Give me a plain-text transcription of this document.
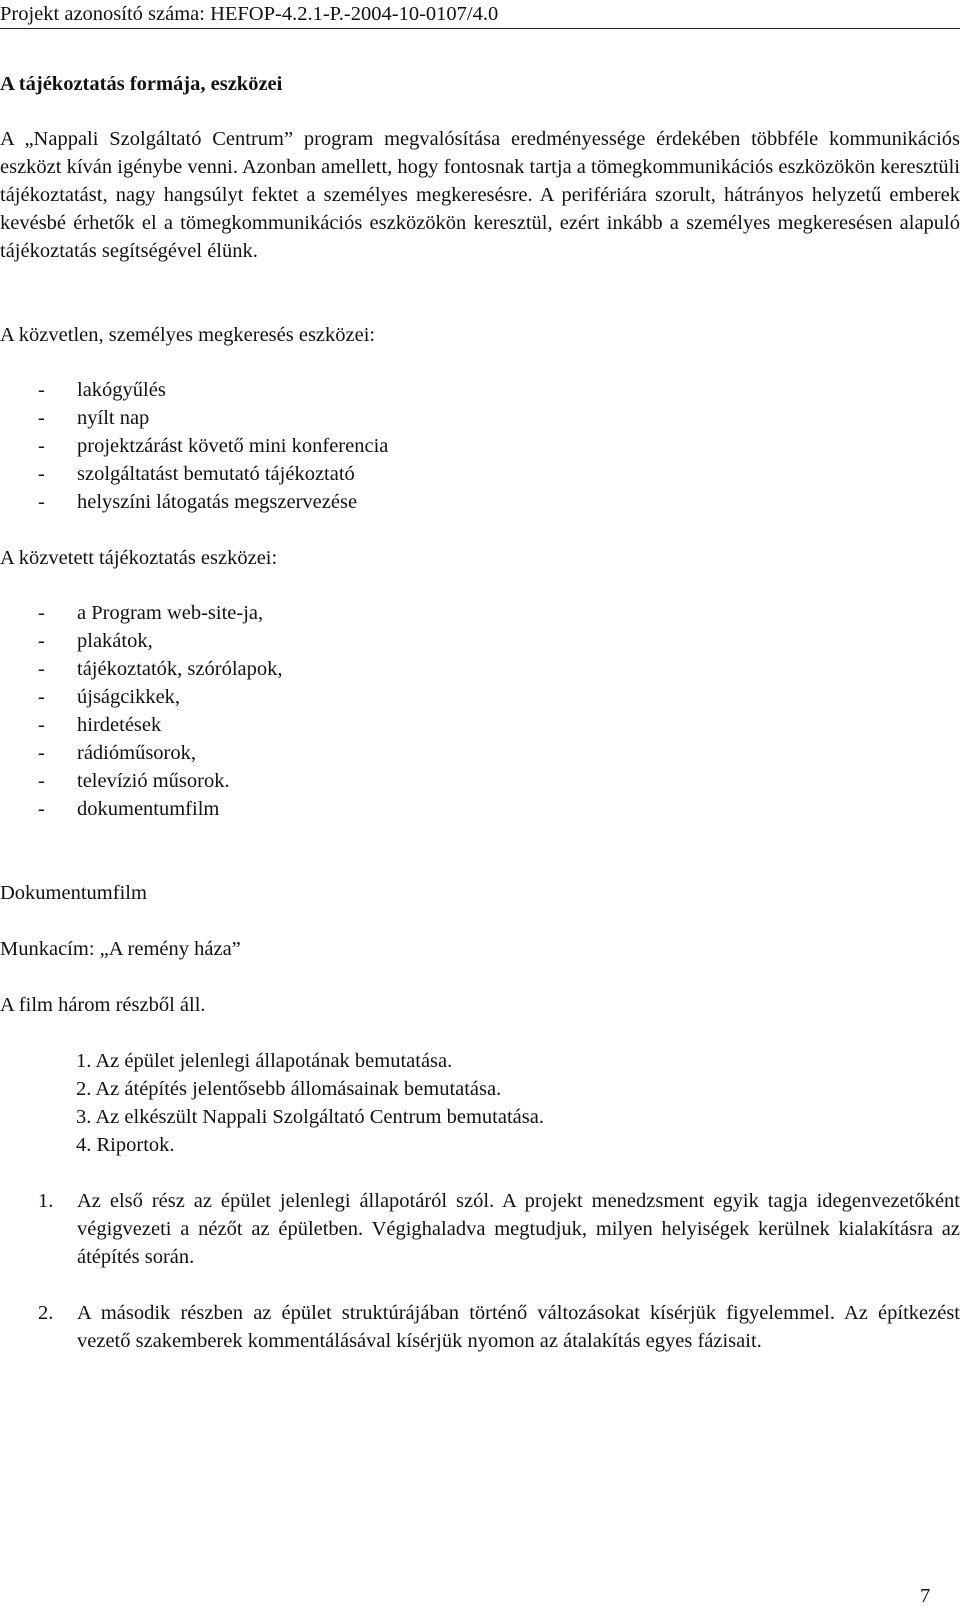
Projekt azonosító száma: HEFOP-4.2.1-P.-2004-10-0107/4.0

A tájékoztatás formája, eszközei

A „Nappali Szolgáltató Centrum” program megvalósítása eredményessége érdekében többféle kommunikációs eszközt kíván igénybe venni. Azonban amellett, hogy fontosnak tartja a tömegkommunikációs eszközökön keresztüli tájékoztatást, nagy hangsúlyt fektet a személyes megkeresésre. A perifériára szorult, hátrányos helyzetű emberek kevésbé érhetők el a tömegkommunikációs eszközökön keresztül, ezért inkább a személyes megkeresésen alapuló tájékoztatás segítségével élünk.

A közvetlen, személyes megkeresés eszközei:

- lakógyűlés
- nyílt nap
- projektzárást követő mini konferencia
- szolgáltatást bemutató tájékoztató
- helyszíni látogatás megszervezése

A közvetett tájékoztatás eszközei:

- a Program web-site-ja,
- plakátok,
- tájékoztatók, szórólapok,
- újságcikkek,
- hirdetések
- rádióműsorok,
- televízió műsorok.
- dokumentumfilm

Dokumentumfilm

Munkacím: „A remény háza”

A film három részből áll.

1. Az épület jelenlegi állapotának bemutatása.
2. Az átépítés jelentősebb állomásainak bemutatása.
3. Az elkészült Nappali Szolgáltató Centrum bemutatása.
4. Riportok.
1. Az első rész az épület jelenlegi állapotáról szól. A projekt menedzsment egyik tagja idegenvezetőként végigvezeti a nézőt az épületben. Végighaladva megtudjuk, milyen helyiségek kerülnek kialakításra az átépítés során.
2. A második részben az épület struktúrájában történő változásokat kísérjük figyelemmel. Az építkezést vezető szakemberek kommentálásával kísérjük nyomon az átalakítás egyes fázisait.
7
